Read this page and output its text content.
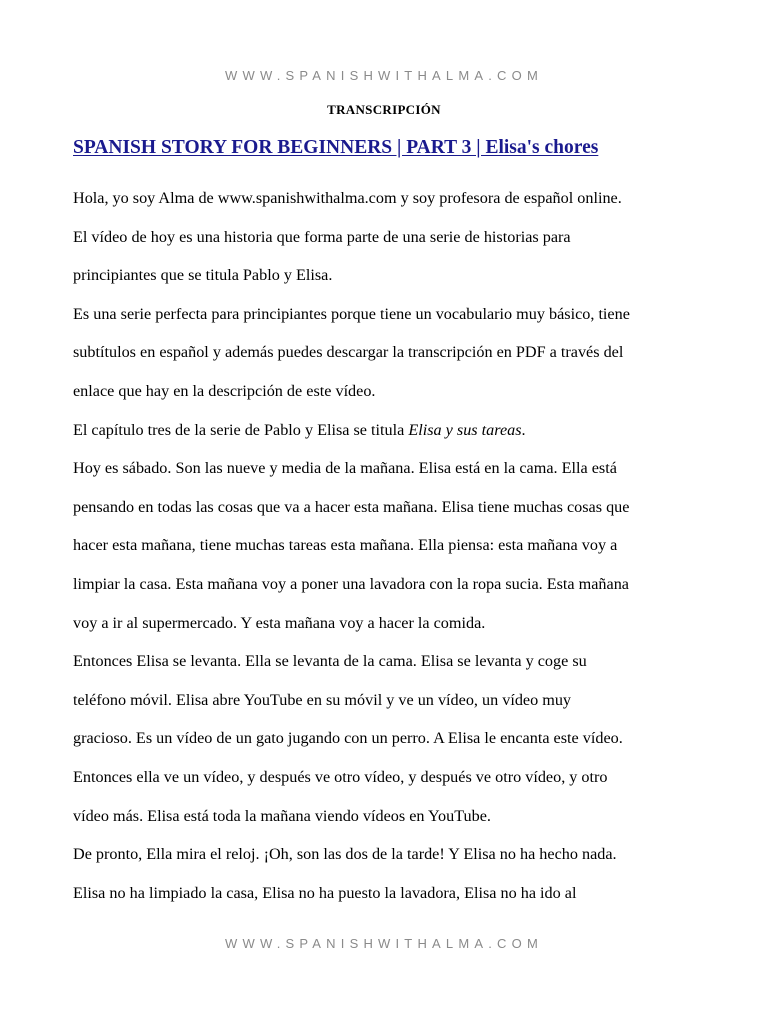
WWW.SPANISHWITHALMA.COM
TRANSCRIPCIÓN
SPANISH STORY FOR BEGINNERS | PART 3 | Elisa's chores
Hola, yo soy Alma de www.spanishwithalma.com y soy profesora de español online.
El vídeo de hoy es una historia que forma parte de una serie de historias para
principiantes que se titula Pablo y Elisa.
Es una serie perfecta para principiantes porque tiene un vocabulario muy básico, tiene
subtítulos en español y además puedes descargar la transcripción en PDF a través del
enlace que hay en la descripción de este vídeo.
El capítulo tres de la serie de Pablo y Elisa se titula Elisa y sus tareas.
Hoy es sábado. Son las nueve y media de la mañana. Elisa está en la cama. Ella está
pensando en todas las cosas que va a hacer esta mañana. Elisa tiene muchas cosas que
hacer esta mañana, tiene muchas tareas esta mañana. Ella piensa: esta mañana voy a
limpiar la casa. Esta mañana voy a poner una lavadora con la ropa sucia. Esta mañana
voy a ir al supermercado. Y esta mañana voy a hacer la comida.
Entonces Elisa se levanta. Ella se levanta de la cama. Elisa se levanta y coge su
teléfono móvil. Elisa abre YouTube en su móvil y ve un vídeo, un vídeo muy
gracioso. Es un vídeo de un gato jugando con un perro. A Elisa le encanta este vídeo.
Entonces ella ve un vídeo, y después ve otro vídeo, y después ve otro vídeo, y otro
vídeo más. Elisa está toda la mañana viendo vídeos en YouTube.
De pronto, Ella mira el reloj. ¡Oh, son las dos de la tarde! Y Elisa no ha hecho nada.
Elisa no ha limpiado la casa, Elisa no ha puesto la lavadora, Elisa no ha ido al
WWW.SPANISHWITHALMA.COM
